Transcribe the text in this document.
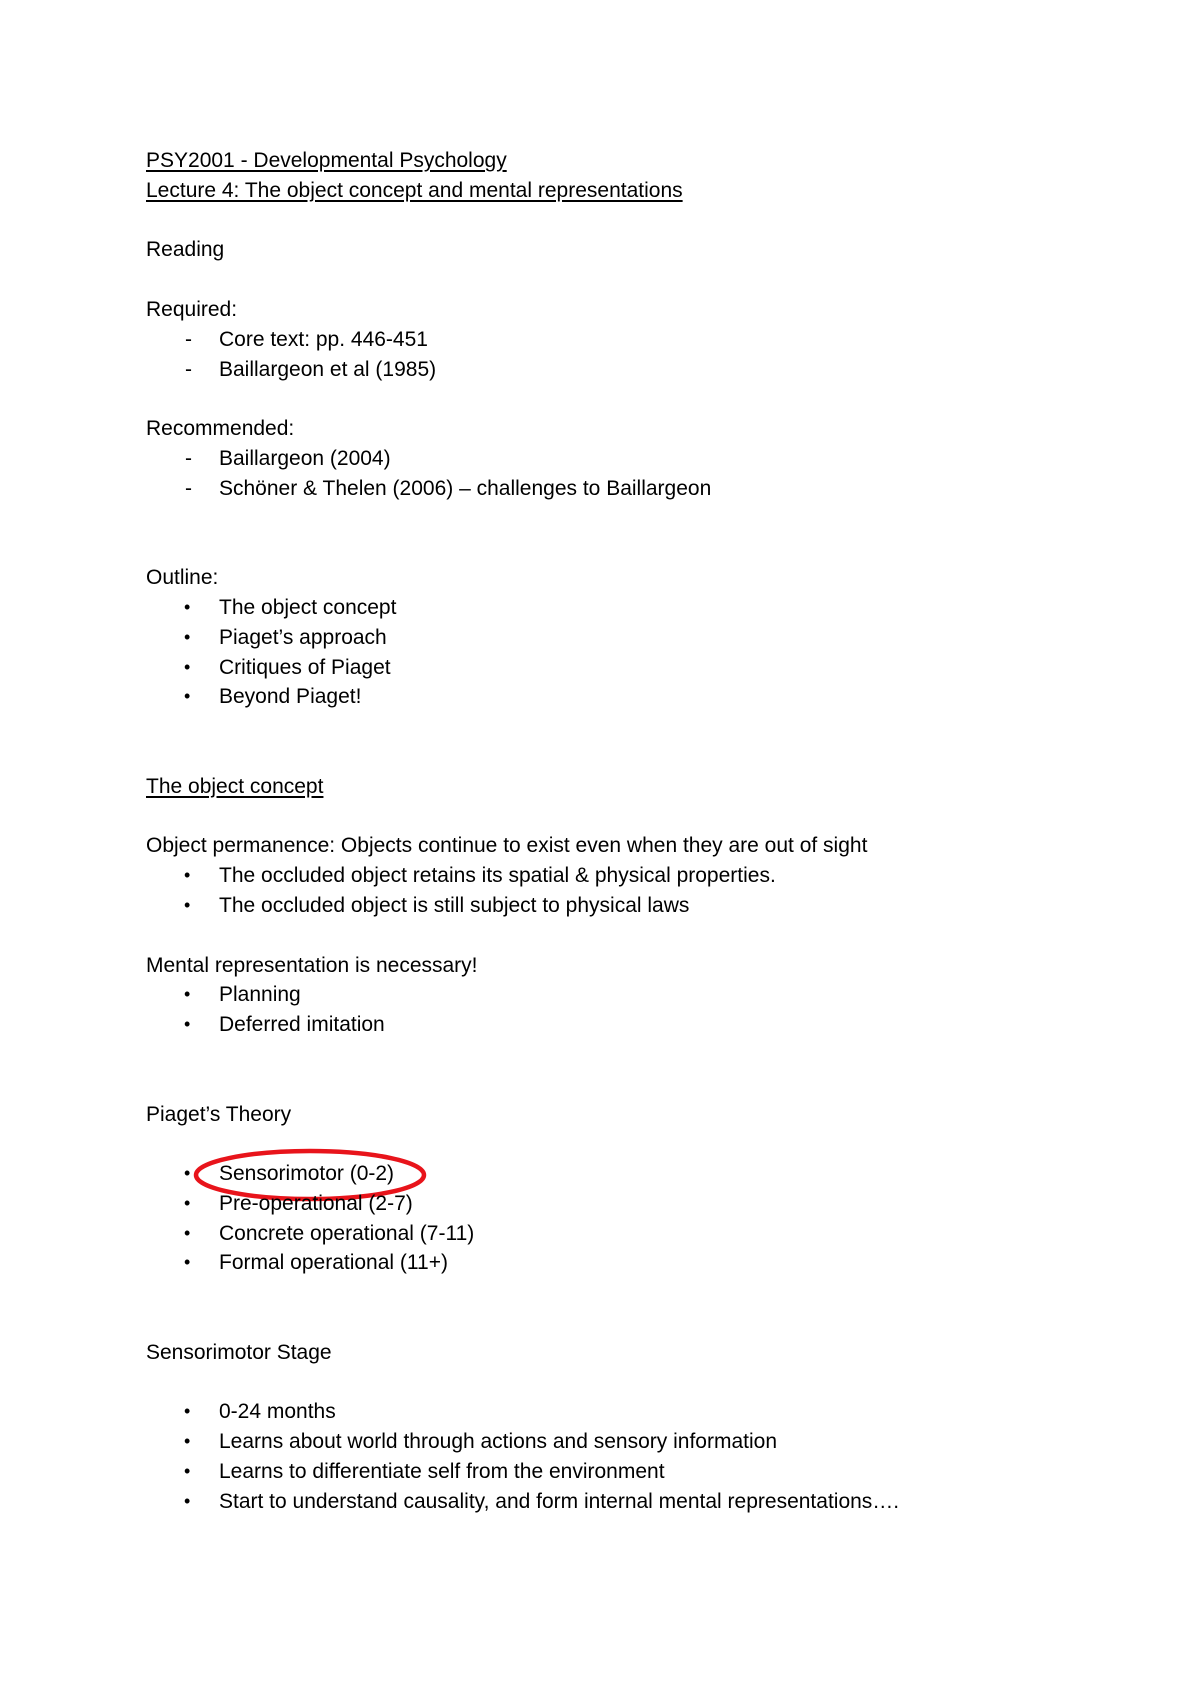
PSY2001 - Developmental Psychology
Lecture 4: The object concept and mental representations
Reading
Required:
-	Core text: pp. 446-451
-	Baillargeon et al (1985)
Recommended:
-	Baillargeon (2004)
-	Schöner & Thelen (2006) – challenges to Baillargeon
Outline:
•	The object concept
•	Piaget’s approach
•	Critiques of Piaget
•	Beyond Piaget!
The object concept
Object permanence: Objects continue to exist even when they are out of sight
•	The occluded object retains its spatial & physical properties.
•	The occluded object is still subject to physical laws
Mental representation is necessary!
•	Planning
•	Deferred imitation
Piaget’s Theory
•	Sensorimotor (0-2)
•	Pre-operational (2-7)
•	Concrete operational (7-11)
•	Formal operational (11+)
Sensorimotor Stage
•	0-24 months
•	Learns about world through actions and sensory information
•	Learns to differentiate self from the environment
•	Start to understand causality, and form internal mental representations….
